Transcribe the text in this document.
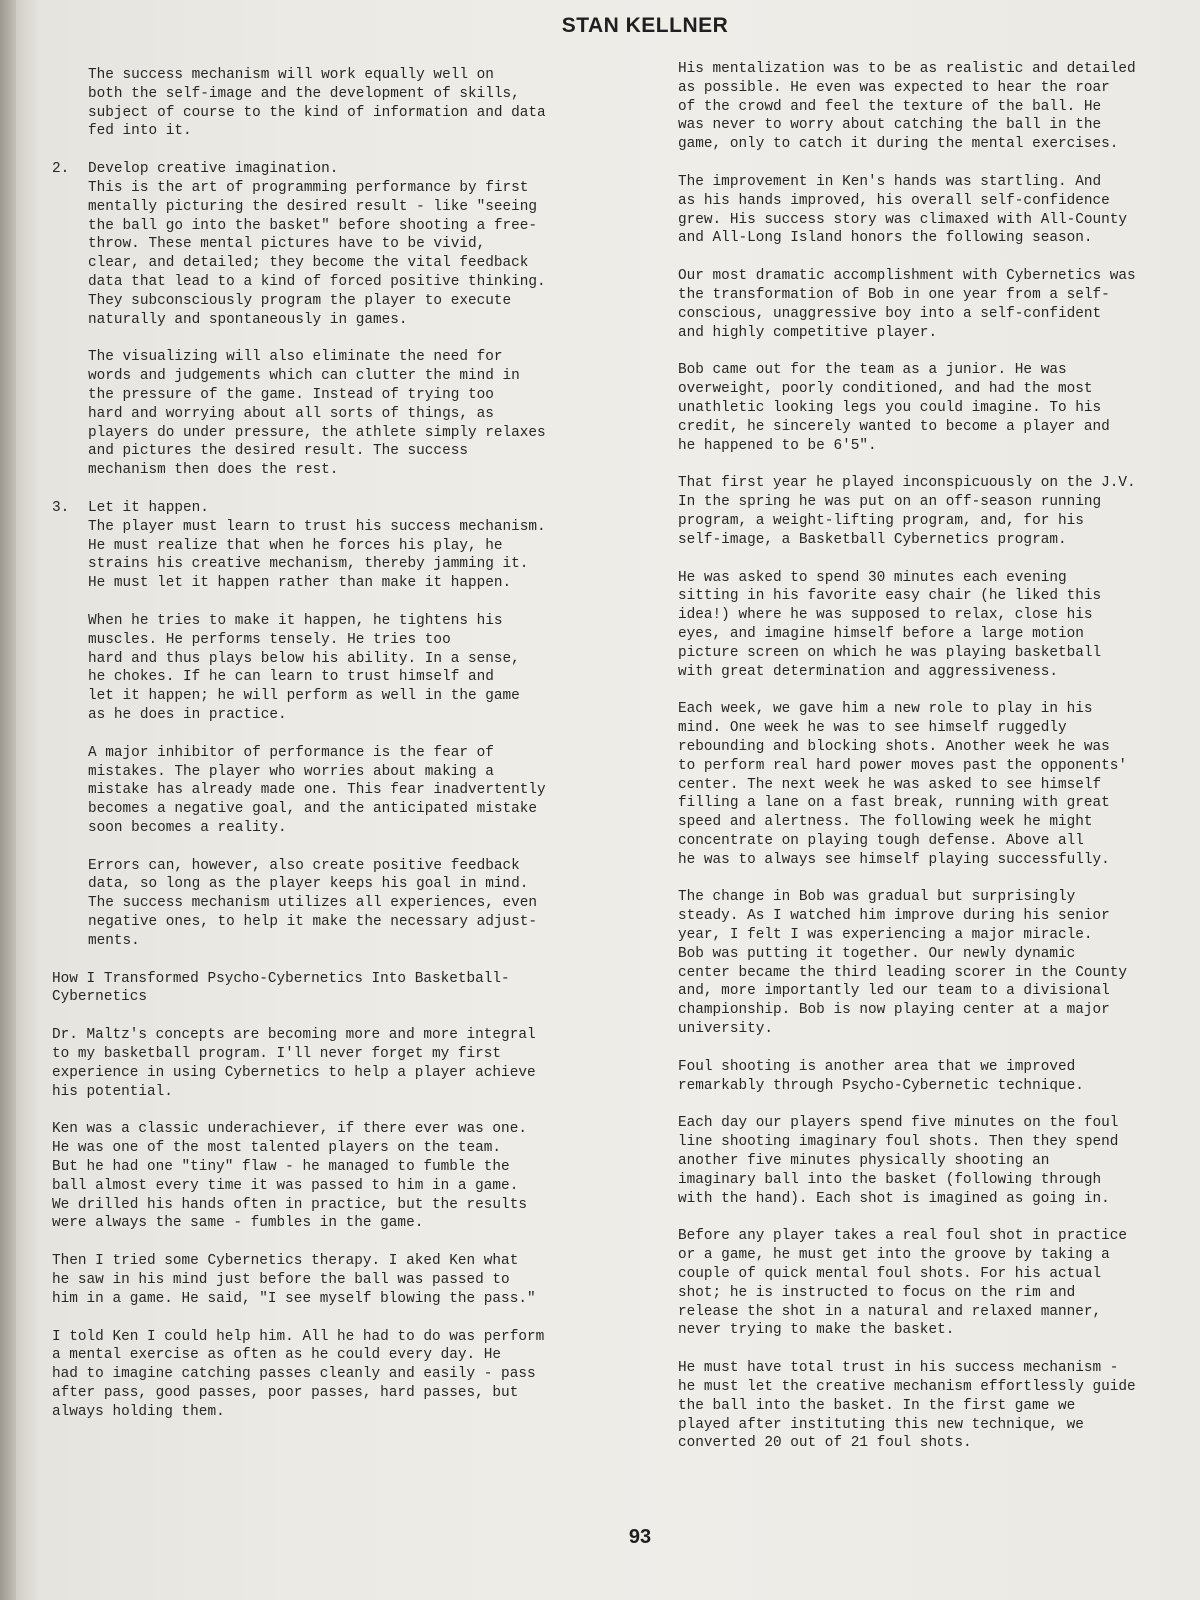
STAN KELLNER
The success mechanism will work equally well on
both the self-image and the development of skills,
subject of course to the kind of information and data
fed into it.
2. Develop creative imagination.
This is the art of programming performance by first
mentally picturing the desired result - like "seeing
the ball go into the basket" before shooting a free-
throw. These mental pictures have to be vivid,
clear, and detailed; they become the vital feedback
data that lead to a kind of forced positive thinking.
They subconsciously program the player to execute
naturally and spontaneously in games.
The visualizing will also eliminate the need for
words and judgements which can clutter the mind in
the pressure of the game. Instead of trying too
hard and worrying about all sorts of things, as
players do under pressure, the athlete simply relaxes
and pictures the desired result. The success
mechanism then does the rest.
3. Let it happen.
The player must learn to trust his success mechanism.
He must realize that when he forces his play, he
strains his creative mechanism, thereby jamming it.
He must let it happen rather than make it happen.
When he tries to make it happen, he tightens his
muscles. He performs tensely. He tries too
hard and thus plays below his ability. In a sense,
he chokes. If he can learn to trust himself and
let it happen; he will perform as well in the game
as he does in practice.
A major inhibitor of performance is the fear of
mistakes. The player who worries about making a
mistake has already made one. This fear inadvertently
becomes a negative goal, and the anticipated mistake
soon becomes a reality.
Errors can, however, also create positive feedback
data, so long as the player keeps his goal in mind.
The success mechanism utilizes all experiences, even
negative ones, to help it make the necessary adjust-
ments.
How I Transformed Psycho-Cybernetics Into Basketball-
Cybernetics
Dr. Maltz's concepts are becoming more and more integral
to my basketball program. I'll never forget my first
experience in using Cybernetics to help a player achieve
his potential.
Ken was a classic underachiever, if there ever was one.
He was one of the most talented players on the team.
But he had one "tiny" flaw - he managed to fumble the
ball almost every time it was passed to him in a game.
We drilled his hands often in practice, but the results
were always the same - fumbles in the game.
Then I tried some Cybernetics therapy. I aked Ken what
he saw in his mind just before the ball was passed to
him in a game. He said, "I see myself blowing the pass."
I told Ken I could help him. All he had to do was perform
a mental exercise as often as he could every day. He
had to imagine catching passes cleanly and easily - pass
after pass, good passes, poor passes, hard passes, but
always holding them.
His mentalization was to be as realistic and detailed
as possible. He even was expected to hear the roar
of the crowd and feel the texture of the ball. He
was never to worry about catching the ball in the
game, only to catch it during the mental exercises.
The improvement in Ken's hands was startling. And
as his hands improved, his overall self-confidence
grew. His success story was climaxed with All-County
and All-Long Island honors the following season.
Our most dramatic accomplishment with Cybernetics was
the transformation of Bob in one year from a self-
conscious, unaggressive boy into a self-confident
and highly competitive player.
Bob came out for the team as a junior. He was
overweight, poorly conditioned, and had the most
unathletic looking legs you could imagine. To his
credit, he sincerely wanted to become a player and
he happened to be 6'5".
That first year he played inconspicuously on the J.V.
In the spring he was put on an off-season running
program, a weight-lifting program, and, for his
self-image, a Basketball Cybernetics program.
He was asked to spend 30 minutes each evening
sitting in his favorite easy chair (he liked this
idea!) where he was supposed to relax, close his
eyes, and imagine himself before a large motion
picture screen on which he was playing basketball
with great determination and aggressiveness.
Each week, we gave him a new role to play in his
mind. One week he was to see himself ruggedly
rebounding and blocking shots. Another week he was
to perform real hard power moves past the opponents'
center. The next week he was asked to see himself
filling a lane on a fast break, running with great
speed and alertness. The following week he might
concentrate on playing tough defense. Above all
he was to always see himself playing successfully.
The change in Bob was gradual but surprisingly
steady. As I watched him improve during his senior
year, I felt I was experiencing a major miracle.
Bob was putting it together. Our newly dynamic
center became the third leading scorer in the County
and, more importantly led our team to a divisional
championship. Bob is now playing center at a major
university.
Foul shooting is another area that we improved
remarkably through Psycho-Cybernetic technique.
Each day our players spend five minutes on the foul
line shooting imaginary foul shots. Then they spend
another five minutes physically shooting an
imaginary ball into the basket (following through
with the hand). Each shot is imagined as going in.
Before any player takes a real foul shot in practice
or a game, he must get into the groove by taking a
couple of quick mental foul shots. For his actual
shot; he is instructed to focus on the rim and
release the shot in a natural and relaxed manner,
never trying to make the basket.
He must have total trust in his success mechanism -
he must let the creative mechanism effortlessly guide
the ball into the basket. In the first game we
played after instituting this new technique, we
converted 20 out of 21 foul shots.
93
